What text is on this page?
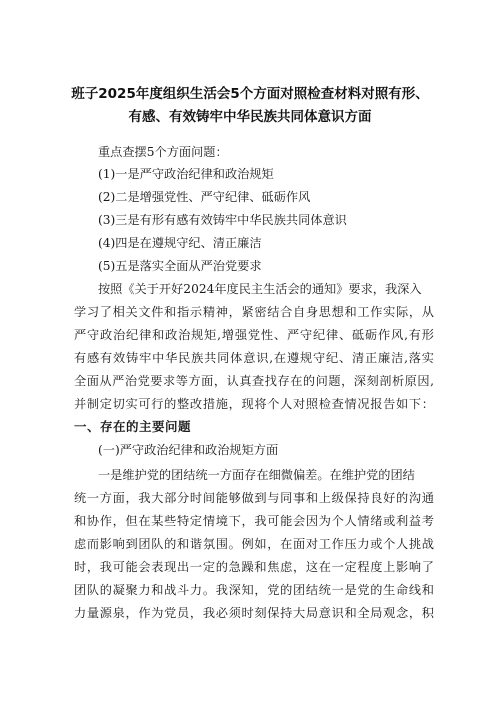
班子2025年度组织生活会5个方面对照检查材料对照有形、
有感、有效铸牢中华民族共同体意识方面

重点查摆5个方面问题：

(1)一是严守政治纪律和政治规矩

(2)二是增强党性、严守纪律、砥砺作风

(3)三是有形有感有效铸牢中华民族共同体意识

(4)四是在遵规守纪、清正廉洁

(5)五是落实全面从严治党要求

按照《关于开好2024年度民主生活会的通知》要求，我深入

学习了相关文件和指示精神，紧密结合自身思想和工作实际，从

严守政治纪律和政治规矩,增强党性、严守纪律、砥砺作风,有形

有感有效铸牢中华民族共同体意识,在遵规守纪、清正廉洁,落实

全面从严治党要求等方面，认真查找存在的问题，深刻剖析原因,

并制定切实可行的整改措施，现将个人对照检查情况报告如下：

一、存在的主要问题

(一)严守政治纪律和政治规矩方面

一是维护党的团结统一方面存在细微偏差。在维护党的团结

统一方面，我大部分时间能够做到与同事和上级保持良好的沟通

和协作，但在某些特定情境下，我可能会因为个人情绪或利益考

虑而影响到团队的和谐氛围。例如，在面对工作压力或个人挑战

时，我可能会表现出一定的急躁和焦虑，这在一定程度上影响了

团队的凝聚力和战斗力。我深知，党的团结统一是党的生命线和

力量源泉，作为党员，我必须时刻保持大局意识和全局观念，积
